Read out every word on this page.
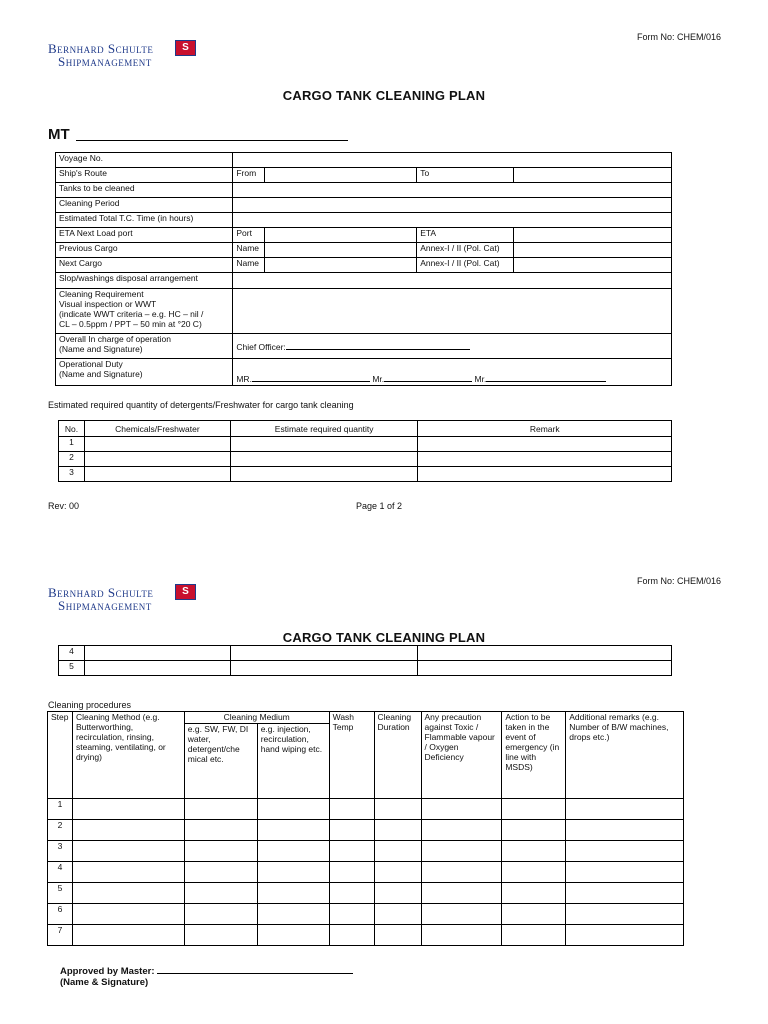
Form No: CHEM/016
Bernhard Schulte
Shipmanagement
S
CARGO TANK CLEANING PLAN
MT
Voyage No.				
Ship's Route	From		To	
Tanks to be cleaned				
Cleaning Period				
Estimated Total T.C. Time (in hours)				
ETA Next Load port	Port		ETA	
Previous Cargo	Name		Annex-I / II (Pol. Cat)	
Next Cargo	Name		Annex-I / II (Pol. Cat)	
Slop/washings disposal arrangement				

Cleaning Requirement
Visual inspection or WWT
(indicate WWT criteria – e.g. HC – nil /
CL – 0.5ppm / PPT – 50 min at °20 C)				

Overall In charge of operation
(Name and Signature)	Chief Officer:			

Operational Duty
(Name and Signature)	MR. Mr. Mr.			
Estimated required quantity of detergents/Freshwater for cargo tank cleaning
No.	Chemicals/Freshwater	Estimate required quantity	Remark
1			
2			
3			
Rev: 00	Page 1 of 2
Form No: CHEM/016
Bernhard Schulte
Shipmanagement
S
CARGO TANK CLEANING PLAN
4			
5			
Cleaning procedures
Step	Cleaning Method (e.g. Butterworthing, recirculation, rinsing, steaming, ventilating, or drying)	Cleaning Medium		Wash Temp	Cleaning Duration	Any precaution against Toxic / Flammable vapour / Oxygen Deficiency	Action to be taken in the event of emergency (in line with MSDS)	Additional remarks (e.g. Number of B/W machines, drops etc.)
		e.g. SW, FW, DI water, detergent/che mical etc.	e.g. injection, recirculation, hand wiping etc.					
1								
2								
3								
4								
5								
6								
7								
Approved by Master:
(Name & Signature)
